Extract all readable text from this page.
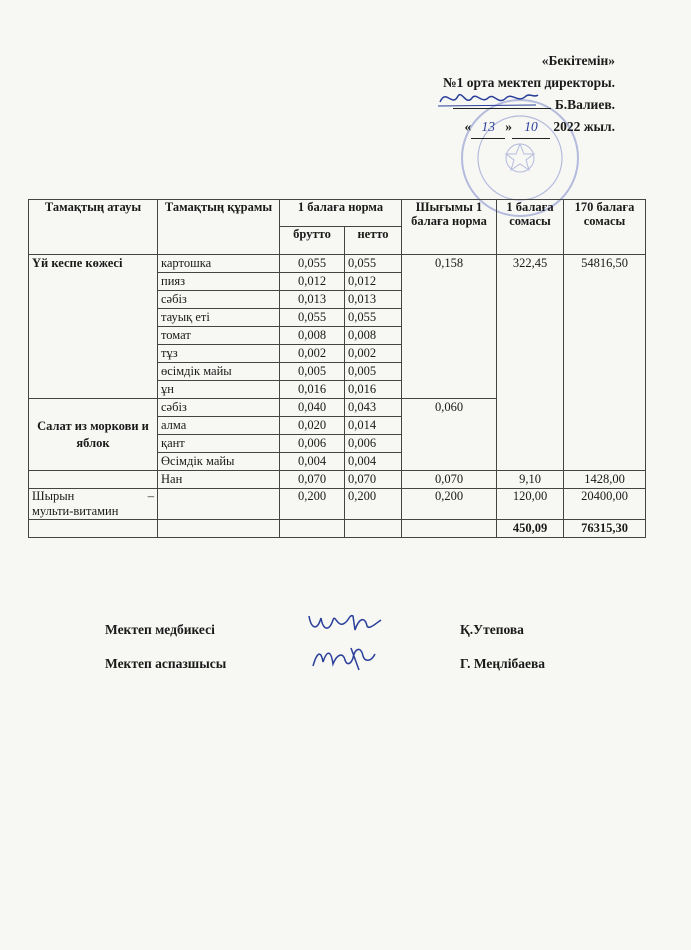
«Бекітемін»
№1 орта мектеп директоры.
Б.Валиев.
« 13 » 10 2022 жыл.
Тамақтың атауы	Тамақтың құрамы	1 балаға норма		Шығымы 1 балаға норма	1 балаға сомасы	170 балаға сомасы
		брутто	нетто			
Үй кеспе көжесі	картошка	0,055	0,055	0,158	322,45	54816,50
	пияз	0,012	0,012			
	сәбіз	0,013	0,013			
	тауық еті	0,055	0,055			
	томат	0,008	0,008			
	тұз	0,002	0,002			
	өсімдік майы	0,005	0,005			
	ұн	0,016	0,016			
Салат из моркови и яблок	сәбіз	0,040	0,043	0,060		
	алма	0,020	0,014			
	қант	0,006	0,006			
	Өсімдік майы	0,004	0,004			
	Нан	0,070	0,070	0,070	9,10	1428,00

Шырын –
мульти-витамин		0,200	0,200	0,200	120,00	20400,00
					450,09	76315,30
Мектеп медбикесі	Қ.Утепова
Мектеп аспазшысы	Г. Меңлібаева
